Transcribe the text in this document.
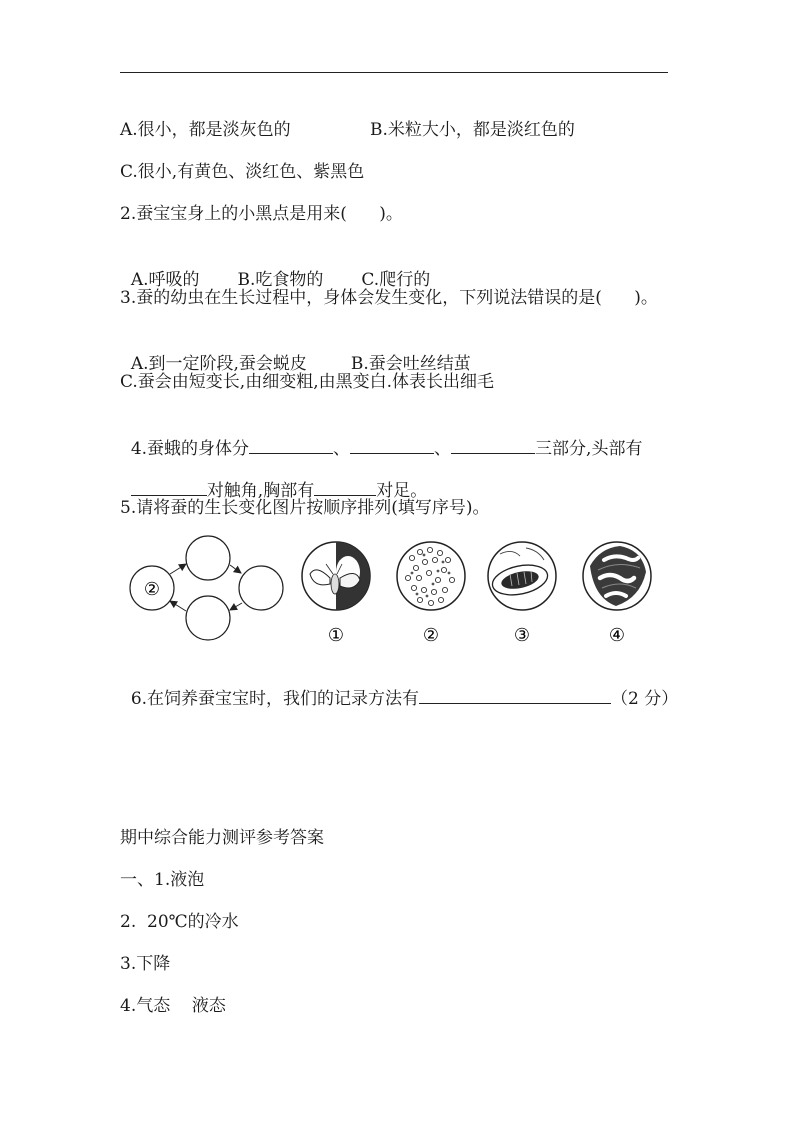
A.很小，都是淡灰色的	B.米粒大小，都是淡红色的
C.很小,有黄色、淡红色、紫黑色
2.蚕宝宝身上的小黑点是用来(      )。

A.呼吸的 B.吃食物的 C.爬行的

3.蚕的幼虫在生长过程中，身体会发生变化，下列说法错误的是(      )。

A.到一定阶段,蚕会蜕皮	B.蚕会吐丝结茧

C.蚕会由短变长,由细变粗,由黑变白.体表长出细毛

4.蚕蛾的身体分	、	、	三部分,头部有

对触角,胸部有	对足。

5.请将蚕的生长变化图片按顺序排列(填写序号)。
②
①	②	③	④

6.在饲养蚕宝宝时，我们的记录方法有	（2 分）

期中综合能力测评参考答案
一、1.液泡
2.  20℃的冷水
3.下降
4.气态    液态
